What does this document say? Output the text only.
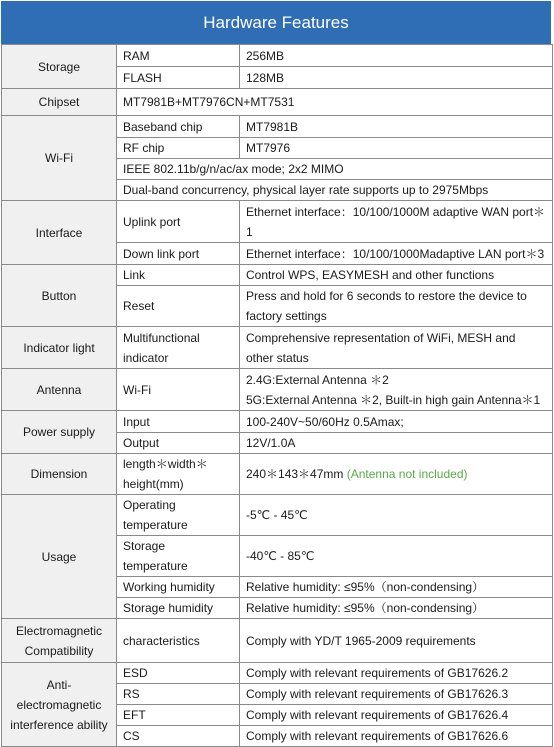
Hardware Features
Storage	RAM	256MB
	FLASH	128MB
Chipset	MT7981B+MT7976CN+MT7531	
Wi-Fi	Baseband chip	MT7981B
	RF chip	MT7976
	IEEE 802.11b/g/n/ac/ax mode; 2x2 MIMO	
	Dual-band concurrency, physical layer rate supports up to 2975Mbps	
Interface	Uplink port	Ethernet interface：10/100/1000M adaptive WAN port＊1
	Down link port	Ethernet interface：10/100/1000Madaptive LAN port＊3
Button	Link	Control WPS, EASYMESH and other functions
	Reset	Press and hold for 6 seconds to restore the device to factory settings
Indicator light	Multifunctional indicator	Comprehensive representation of WiFi, MESH and other status
Antenna	Wi-Fi	2.4G:External Antenna ＊2
5G:External Antenna ＊2, Built-in high gain Antenna＊1

Power supply	Input	100-240V~50/60Hz 0.5Amax;
	Output	12V/1.0A
Dimension	length＊width＊height(mm)	240＊143＊47mm (Antenna not included)
Usage	Operating temperature	-5℃ - 45℃
	Storage temperature	-40℃ - 85℃
	Working humidity	Relative humidity: ≤95%（non-condensing）
	Storage humidity	Relative humidity: ≤95%（non-condensing）
Electromagnetic Compatibility	characteristics	Comply with YD/T 1965-2009 requirements
Anti-electromagnetic interference ability	ESD	Comply with relevant requirements of GB17626.2
	RS	Comply with relevant requirements of GB17626.3
	EFT	Comply with relevant requirements of GB17626.4
	CS	Comply with relevant requirements of GB17626.6
